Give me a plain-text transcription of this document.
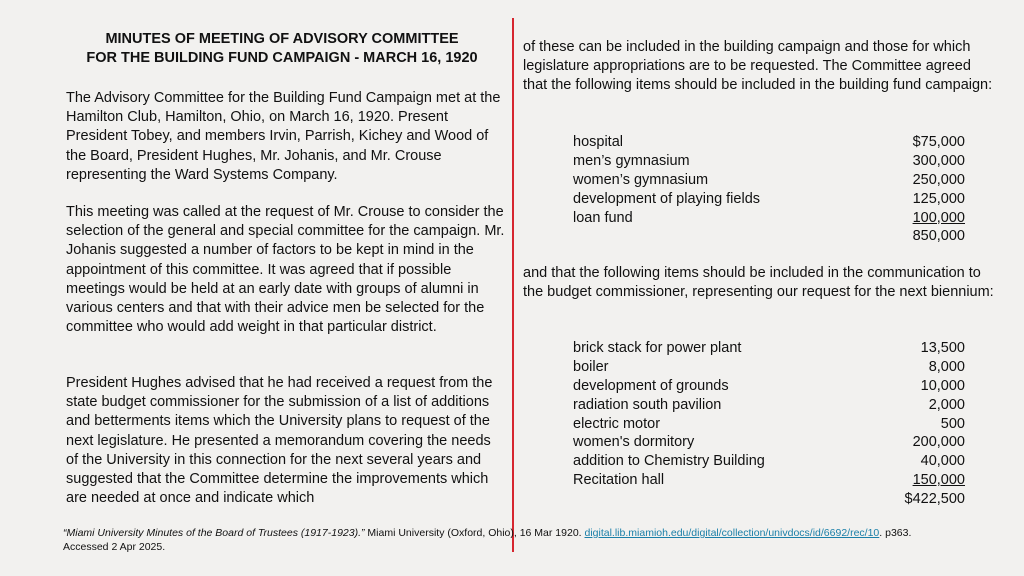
MINUTES OF MEETING OF ADVISORY COMMITTEE
FOR THE BUILDING FUND CAMPAIGN - MARCH 16, 1920

The Advisory Committee for the Building Fund Campaign met at the Hamilton Club, Hamilton, Ohio, on March 16, 1920. Present President Tobey, and members Irvin, Parrish, Kichey and Wood of the Board, President Hughes, Mr. Johanis, and Mr. Crouse representing the Ward Systems Company.

This meeting was called at the request of Mr. Crouse to consider the selection of the general and special committee for the campaign. Mr. Johanis suggested a number of factors to be kept in mind in the appointment of this committee. It was agreed that if possible meetings would be held at an early date with groups of alumni in various centers and that with their advice men be selected for the committee who would add weight in that particular district.

President Hughes advised that he had received a request from the state budget commissioner for the submission of a list of additions and betterments items which the University plans to request of the next legislature. He presented a memorandum covering the needs of the University in this connection for the next several years and suggested that the Committee determine the improvements which are needed at once and indicate which

of these can be included in the building campaign and those for which legislature appropriations are to be requested. The Committee agreed that the following items should be included in the building fund campaign:

hospital	$75,000
men’s gymnasium	300,000
women’s gymnasium	250,000
development of playing fields	125,000
loan fund	100,000
850,000

and that the following items should be included in the communication to the budget commissioner, representing our request for the next biennium:

brick stack for power plant	13,500
boiler	8,000
development of grounds	10,000
radiation south pavilion	2,000
electric motor	500
women's dormitory	200,000
addition to Chemistry Building	40,000
Recitation hall	150,000
$422,500
“Miami University Minutes of the Board of Trustees (1917-1923).” Miami University (Oxford, Ohio), 16 Mar 1920. digital.lib.miamioh.edu/digital/collection/univdocs/id/6692/rec/10. p363.
Accessed 2 Apr 2025.
